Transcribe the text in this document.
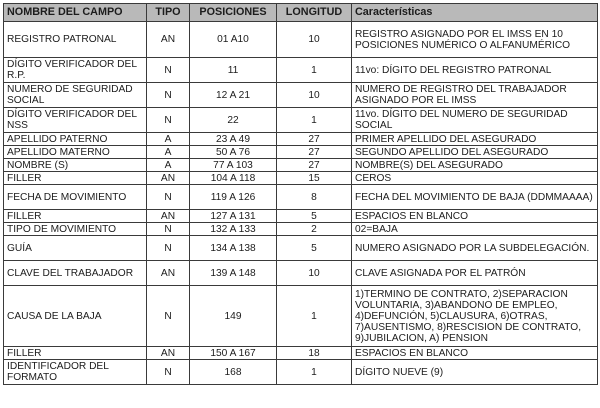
NOMBRE DEL CAMPO	TIPO	POSICIONES	LONGITUD	Características
REGISTRO PATRONAL	AN	01 A10	10	REGISTRO ASIGNADO POR EL IMSS EN 10 POSICIONES NUMÉRICO O ALFANUMÉRICO
DÍGITO VERIFICADOR DEL R.P.	N	11	1	11vo: DÍGITO DEL REGISTRO PATRONAL
NUMERO DE SEGURIDAD SOCIAL	N	12 A 21	10	NUMERO DE REGISTRO DEL TRABAJADOR ASIGNADO POR EL IMSS
DÍGITO VERIFICADOR DEL NSS	N	22	1	11vo. DÍGITO DEL NUMERO DE SEGURIDAD SOCIAL
APELLIDO PATERNO	A	23 A 49	27	PRIMER APELLIDO DEL ASEGURADO
APELLIDO MATERNO	A	50 A 76	27	SEGUNDO APELLIDO DEL ASEGURADO
NOMBRE (S)	A	77 A 103	27	NOMBRE(S) DEL ASEGURADO
FILLER	AN	104 A 118	15	CEROS
FECHA DE MOVIMIENTO	N	119 A 126	8	FECHA DEL MOVIMIENTO DE BAJA (DDMMAAAA)
FILLER	AN	127 A 131	5	ESPACIOS EN BLANCO
TIPO DE MOVIMIENTO	N	132 A 133	2	02=BAJA
GUÍA	N	134 A 138	5	NUMERO ASIGNADO POR LA SUBDELEGACIÓN.
CLAVE DEL TRABAJADOR	AN	139 A 148	10	CLAVE ASIGNADA POR EL PATRÓN
CAUSA DE LA BAJA	N	149	1	1)TERMINO DE CONTRATO, 2)SEPARACION VOLUNTARIA, 3)ABANDONO DE EMPLEO, 4)DEFUNCIÓN, 5)CLAUSURA, 6)OTRAS, 7)AUSENTISMO, 8)RESCISION DE CONTRATO, 9)JUBILACION, A) PENSION
FILLER	AN	150 A 167	18	ESPACIOS EN BLANCO
IDENTIFICADOR DEL FORMATO	N	168	1	DÍGITO NUEVE (9)
